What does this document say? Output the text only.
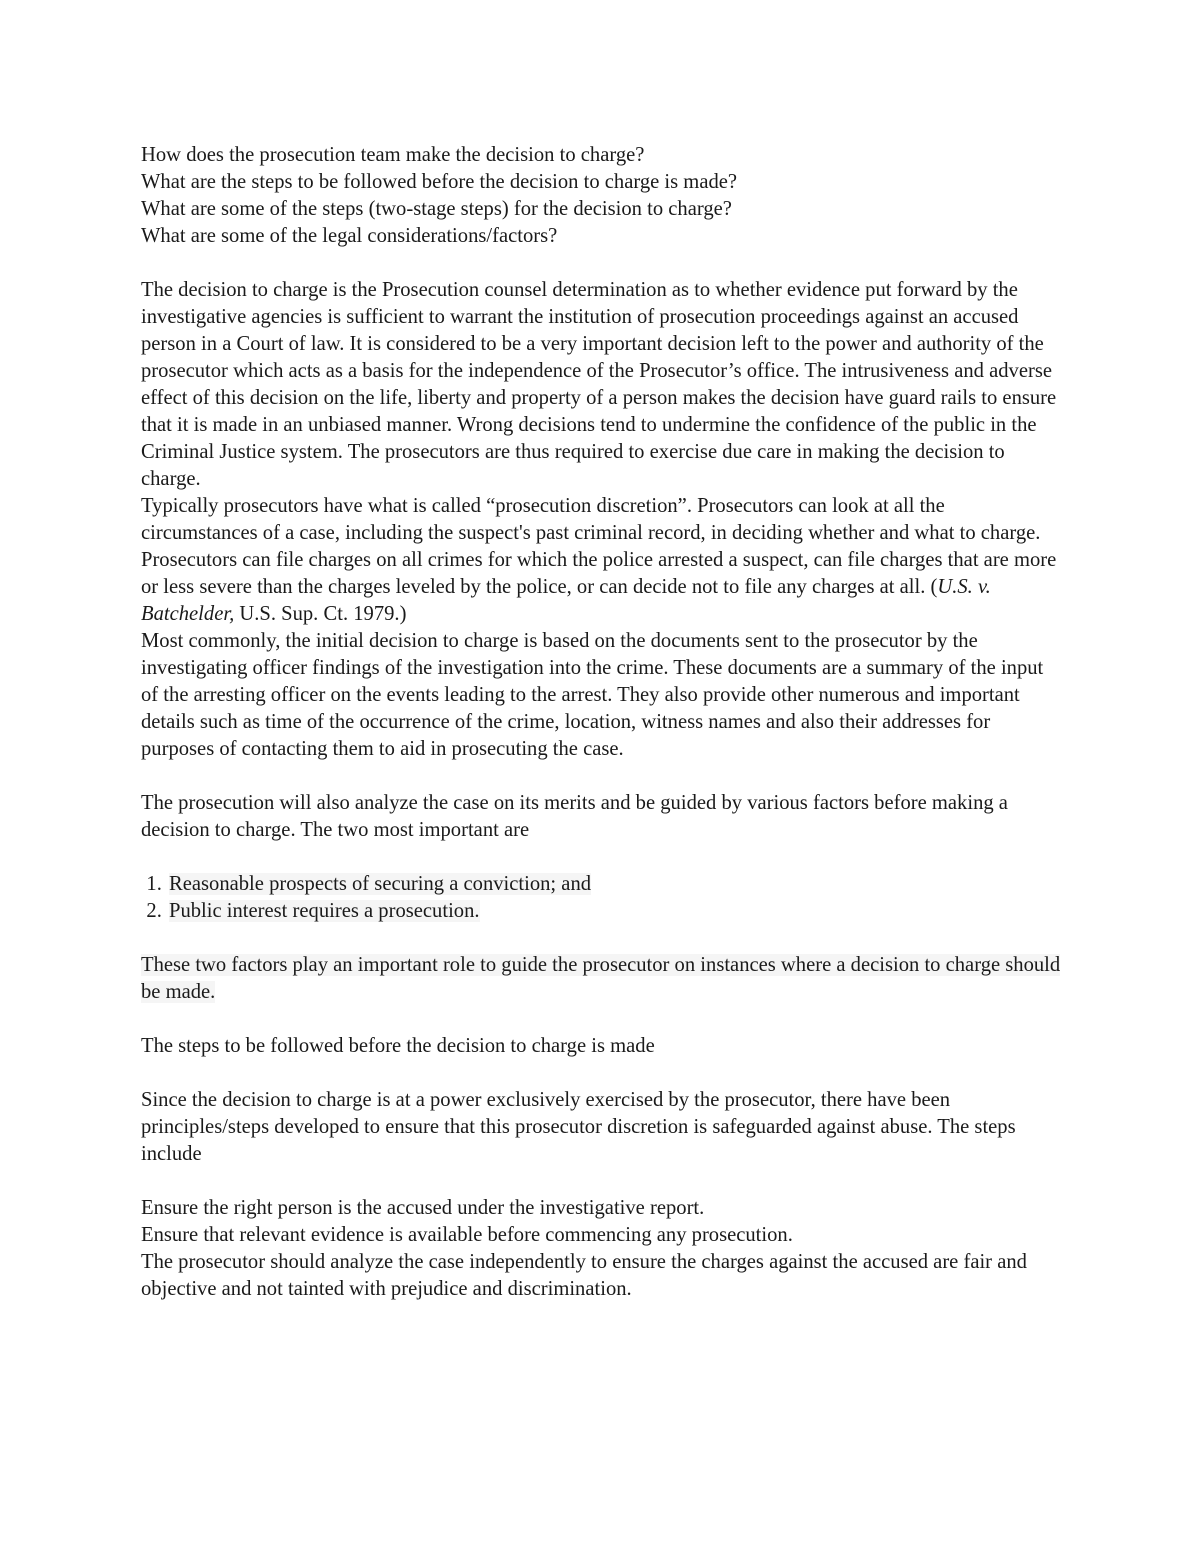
How does the prosecution team make the decision to charge?

What are the steps to be followed before the decision to charge is made?

What are some of the steps (two-stage steps) for the decision to charge?

What are some of the legal considerations/factors?

The decision to charge is the Prosecution counsel determination as to whether evidence put forward by the investigative agencies is sufficient to warrant the institution of prosecution proceedings against an accused person in a Court of law. It is considered to be a very important decision left to the power and authority of the prosecutor which acts as a basis for the independence of the Prosecutor’s office. The intrusiveness and adverse effect of this decision on the life, liberty and property of a person makes the decision have guard rails to ensure that it is made in an unbiased manner. Wrong decisions tend to undermine the confidence of the public in the Criminal Justice system. The prosecutors are thus required to exercise due care in making the decision to charge.

Typically prosecutors have what is called “prosecution discretion”. Prosecutors can look at all the circumstances of a case, including the suspect's past criminal record, in deciding whether and what to charge. Prosecutors can file charges on all crimes for which the police arrested a suspect, can file charges that are more or less severe than the charges leveled by the police, or can decide not to file any charges at all. (U.S. v. Batchelder, U.S. Sup. Ct. 1979.)

Most commonly, the initial decision to charge is based on the documents sent to the prosecutor by the investigating officer findings of the investigation into the crime. These documents are a summary of the input of the arresting officer on the events leading to the arrest. They also provide other numerous and important details such as time of the occurrence of the crime, location, witness names and also their addresses for purposes of contacting them to aid in prosecuting the case.

The prosecution will also analyze the case on its merits and be guided by various factors before making a decision to charge. The two most important are

1. Reasonable prospects of securing a conviction; and
2. Public interest requires a prosecution.

These two factors play an important role to guide the prosecutor on instances where a decision to charge should be made.

The steps to be followed before the decision to charge is made

Since the decision to charge is at a power exclusively exercised by the prosecutor, there have been principles/steps developed to ensure that this prosecutor discretion is safeguarded against abuse. The steps include

Ensure the right person is the accused under the investigative report.

Ensure that relevant evidence is available before commencing any prosecution.

The prosecutor should analyze the case independently to ensure the charges against the accused are fair and objective and not tainted with prejudice and discrimination.
